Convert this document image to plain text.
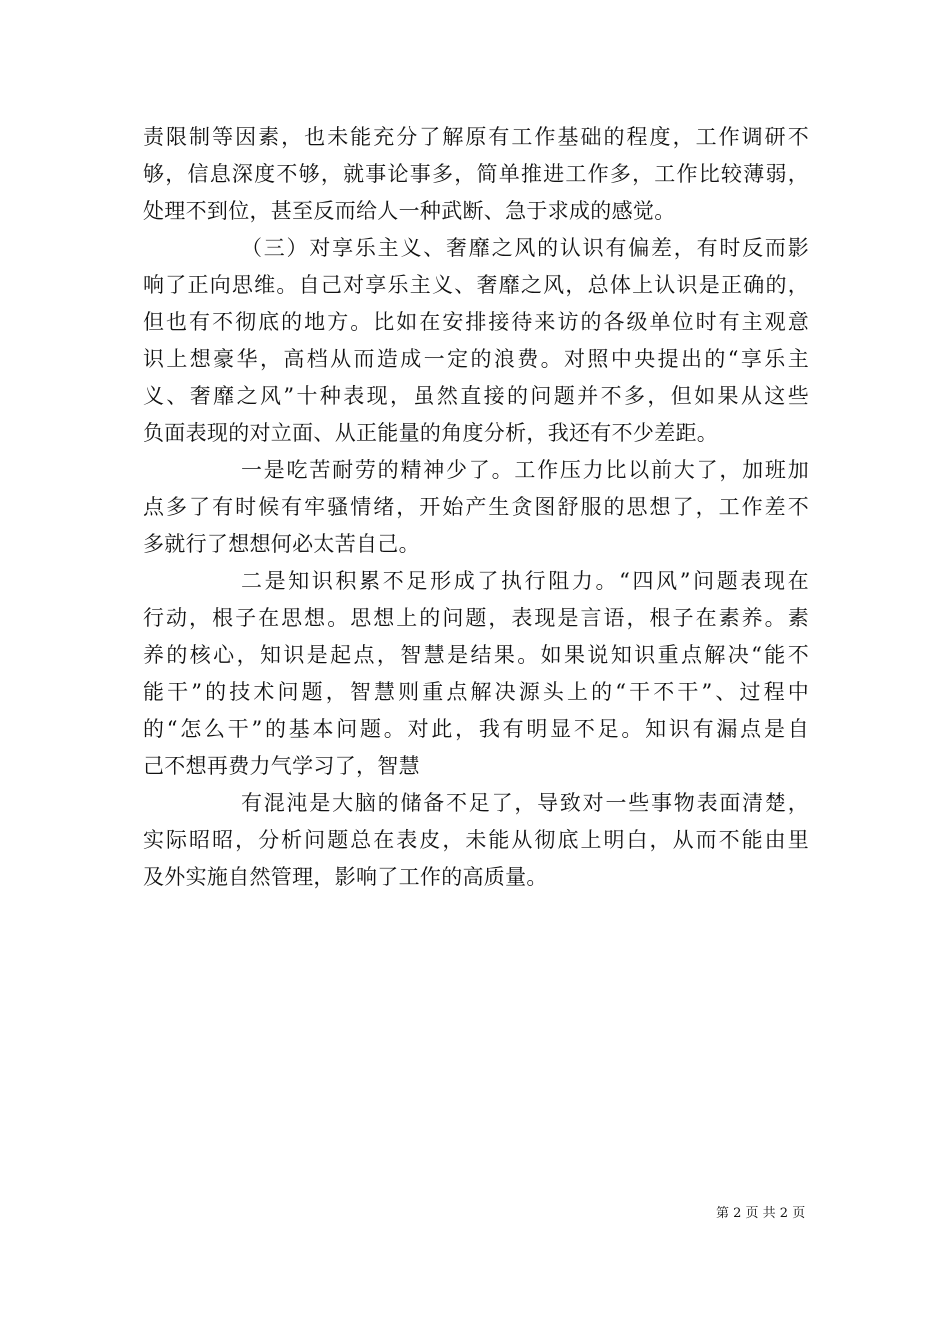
责限制等因素，也未能充分了解原有工作基础的程度，工作调研不
够，信息深度不够，就事论事多，简单推进工作多，工作比较薄弱，
处理不到位，甚至反而给人一种武断、急于求成的感觉。
（三）对享乐主义、奢靡之风的认识有偏差，有时反而影
响了正向思维。自己对享乐主义、奢靡之风，总体上认识是正确的，
但也有不彻底的地方。比如在安排接待来访的各级单位时有主观意
识上想豪华，高档从而造成一定的浪费。对照中央提出的“享乐主
义、奢靡之风”十种表现，虽然直接的问题并不多，但如果从这些
负面表现的对立面、从正能量的角度分析，我还有不少差距。
一是吃苦耐劳的精神少了。工作压力比以前大了，加班加
点多了有时候有牢骚情绪，开始产生贪图舒服的思想了，工作差不
多就行了想想何必太苦自己。
二是知识积累不足形成了执行阻力。“四风”问题表现在
行动，根子在思想。思想上的问题，表现是言语，根子在素养。素
养的核心，知识是起点，智慧是结果。如果说知识重点解决“能不
能干”的技术问题，智慧则重点解决源头上的“干不干”、过程中
的“怎么干”的基本问题。对此，我有明显不足。知识有漏点是自
己不想再费力气学习了，智慧
有混沌是大脑的储备不足了，导致对一些事物表面清楚，
实际昭昭，分析问题总在表皮，未能从彻底上明白，从而不能由里
及外实施自然管理，影响了工作的高质量。
第 2 页 共 2 页
